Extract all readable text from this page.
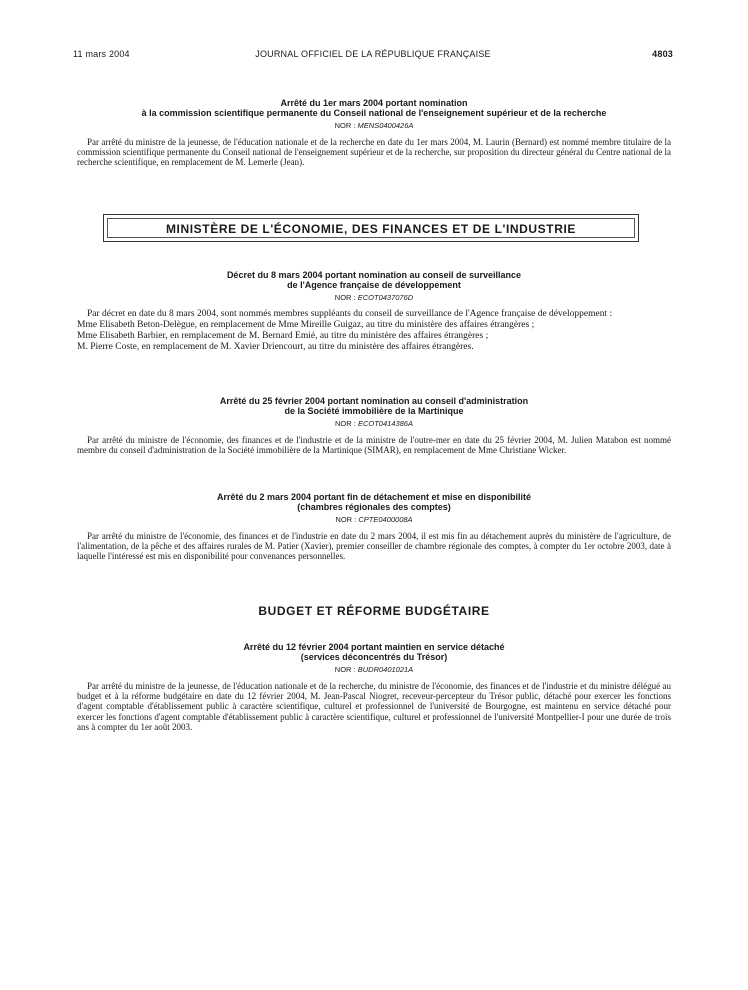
11 mars 2004	JOURNAL OFFICIEL DE LA RÉPUBLIQUE FRANÇAISE	4803

Arrêté du 1er mars 2004 portant nomination
à la commission scientifique permanente du Conseil national de l'enseignement supérieur et de la recherche

NOR : MENS0400426A

Par arrêté du ministre de la jeunesse, de l'éducation nationale et de la recherche en date du 1er mars 2004, M. Laurin (Bernard) est nommé membre titulaire de la commission scientifique permanente du Conseil national de l'enseignement supérieur et de la recherche, sur proposition du directeur général du Centre national de la recherche scientifique, en remplacement de M. Lemerle (Jean).

MINISTÈRE DE L'ÉCONOMIE, DES FINANCES ET DE L'INDUSTRIE

Décret du 8 mars 2004 portant nomination au conseil de surveillance
de l'Agence française de développement

NOR : ECOT0437076D

Par décret en date du 8 mars 2004, sont nommés membres suppléants du conseil de surveillance de l'Agence française de développement :

Mme Elisabeth Beton-Delègue, en remplacement de Mme Mireille Guigaz, au titre du ministère des affaires étrangères ;

Mme Elisabeth Barbier, en remplacement de M. Bernard Emié, au titre du ministère des affaires étrangères ;

M. Pierre Coste, en remplacement de M. Xavier Driencourt, au titre du ministère des affaires étrangères.

Arrêté du 25 février 2004 portant nomination au conseil d'administration
de la Société immobilière de la Martinique

NOR : ECOT0414386A

Par arrêté du ministre de l'économie, des finances et de l'industrie et de la ministre de l'outre-mer en date du 25 février 2004, M. Julien Matabon est nommé membre du conseil d'administration de la Société immobilière de la Martinique (SIMAR), en remplacement de Mme Christiane Wicker.

Arrêté du 2 mars 2004 portant fin de détachement et mise en disponibilité
(chambres régionales des comptes)

NOR : CPTE0400008A

Par arrêté du ministre de l'économie, des finances et de l'industrie en date du 2 mars 2004, il est mis fin au détachement auprès du ministère de l'agriculture, de l'alimentation, de la pêche et des affaires rurales de M. Patier (Xavier), premier conseiller de chambre régionale des comptes, à compter du 1er octobre 2003, date à laquelle l'intéressé est mis en disponibilité pour convenances personnelles.

BUDGET ET RÉFORME BUDGÉTAIRE

Arrêté du 12 février 2004 portant maintien en service détaché
(services déconcentrés du Trésor)

NOR : BUDR0401021A

Par arrêté du ministre de la jeunesse, de l'éducation nationale et de la recherche, du ministre de l'économie, des finances et de l'industrie et du ministre délégué au budget et à la réforme budgétaire en date du 12 février 2004, M. Jean-Pascal Niogret, receveur-percepteur du Trésor public, détaché pour exercer les fonctions d'agent comptable d'établissement public à caractère scientifique, culturel et professionnel de l'université de Bourgogne, est maintenu en service détaché pour exercer les fonctions d'agent comptable d'établissement public à caractère scientifique, culturel et professionnel de l'université Montpellier-I pour une durée de trois ans à compter du 1er août 2003.
